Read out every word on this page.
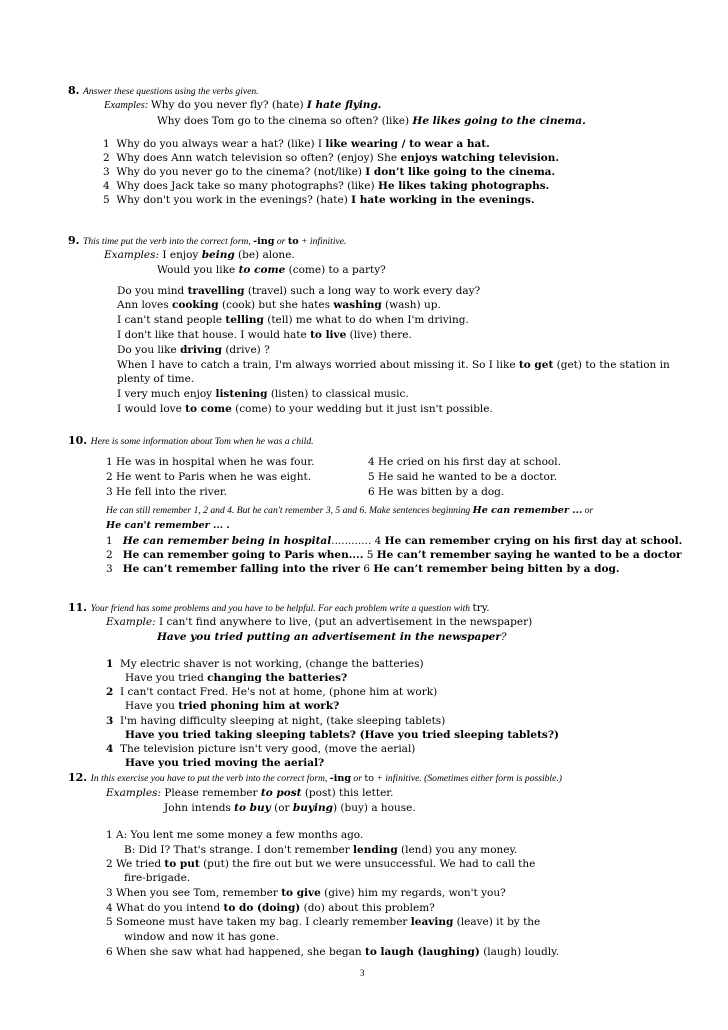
8. Answer these questions using the verbs given.
Examples: Why do you never fly? (hate) I hate flying.
Why does Tom go to the cinema so often? (like) He likes going to the cinema.
1 Why do you always wear a hat? (like) I like wearing / to wear a hat.
2 Why does Ann watch television so often? (enjoy) She enjoys watching television.
3 Why do you never go to the cinema? (not/like) I don’t like going to the cinema.
4 Why does Jack take so many photographs? (like) He likes taking photographs.
5 Why don't you work in the evenings? (hate) I hate working in the evenings.
9. This time put the verb into the correct form, -ing or to + infinitive.
Examples: I enjoy being (be) alone.
Would you like to come (come) to a party?
Do you mind travelling (travel) such a long way to work every day?
Ann loves cooking (cook) but she hates washing (wash) up.
I can't stand people telling (tell) me what to do when I'm driving.
I don't like that house. I would hate to live (live) there.
Do you like driving (drive) ?
When I have to catch a train, I'm always worried about missing it. So I like to get (get) to the station in
plenty of time.
I very much enjoy listening (listen) to classical music.
I would love to come (come) to your wedding but it just isn't possible.
10. Here is some information about Tom when he was a child.
1 He was in hospital when he was four.
2 He went to Paris when he was eight.
3 He fell into the river.
4 He cried on his first day at school.
5 He said he wanted to be a doctor.
6 He was bitten by a dog.
He can still remember 1, 2 and 4. But he can't remember 3, 5 and 6. Make sentences beginning He can remember ... or
He can't remember ... .
1   He can remember being in hospital............ 4 He can remember crying on his first day at school.
2   He can remember going to Paris when.... 5 He can’t remember saying he wanted to be a doctor
3   He can’t remember falling into the river 6 He can’t remember being bitten by a dog.
11. Your friend has some problems and you have to be helpful. For each problem write a question with try.
Example: I can't find anywhere to live, (put an advertisement in the newspaper)
Have you tried putting an advertisement in the newspaper?
1 My electric shaver is not working, (change the batteries)
Have you tried changing the batteries?
2 I can't contact Fred. He's not at home, (phone him at work)
Have you tried phoning him at work?
3 I'm having difficulty sleeping at night, (take sleeping tablets)
Have you tried taking sleeping tablets? (Have you tried sleeping tablets?)
4 The television picture isn't very good, (move the aerial)
Have you tried moving the aerial?
12. In this exercise you have to put the verb into the correct form, -ing or to + infinitive. (Sometimes either form is possible.)
Examples: Please remember to post (post) this letter.
John intends to buy (or buying) (buy) a house.
1 A: You lent me some money a few months ago.
B: Did I? That's strange. I don't remember lending (lend) you any money.
2 We tried to put (put) the fire out but we were unsuccessful. We had to call the
fire-brigade.
3 When you see Tom, remember to give (give) him my regards, won't you?
4 What do you intend to do (doing) (do) about this problem?
5 Someone must have taken my bag. I clearly remember leaving (leave) it by the
window and now it has gone.
6 When she saw what had happened, she began to laugh (laughing) (laugh) loudly.
3
